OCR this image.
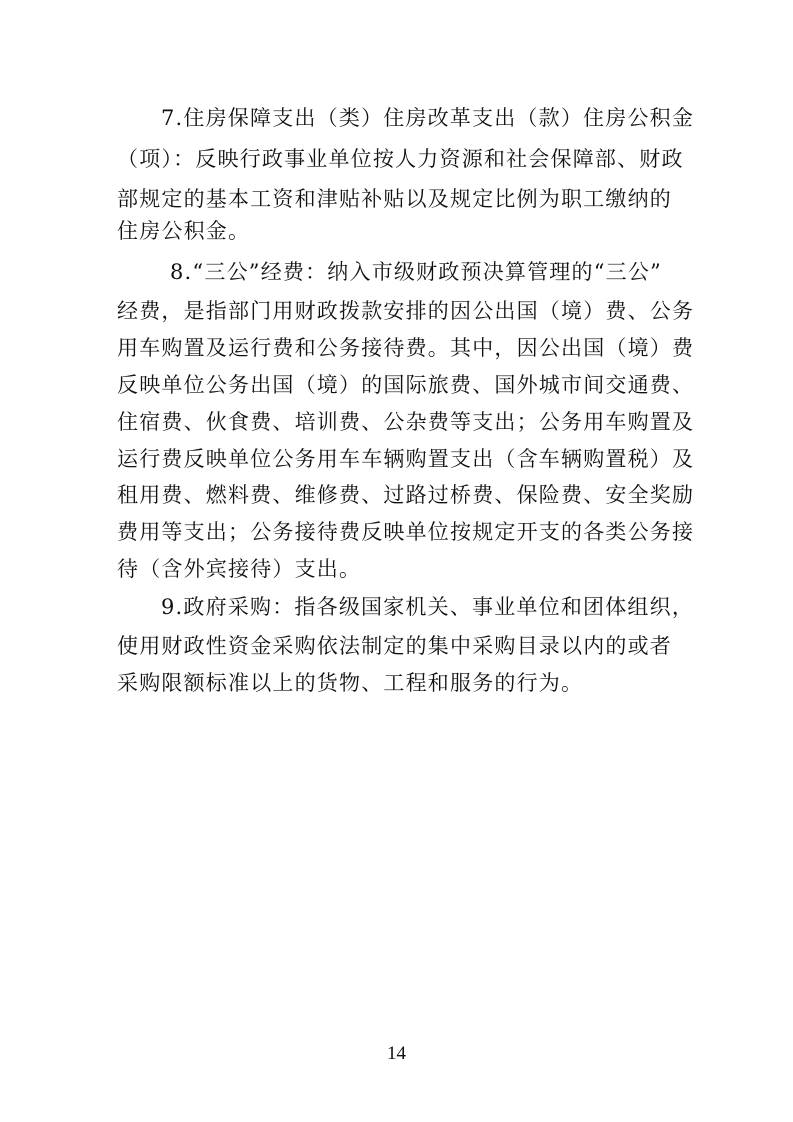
7.住房保障支出（类）住房改革支出（款）住房公积金
（项）：反映行政事业单位按人力资源和社会保障部、财政
部规定的基本工资和津贴补贴以及规定比例为职工缴纳的
住房公积金。
8.“三公”经费：纳入市级财政预决算管理的“三公”
经费，是指部门用财政拨款安排的因公出国（境）费、公务
用车购置及运行费和公务接待费。其中，因公出国（境）费
反映单位公务出国（境）的国际旅费、国外城市间交通费、
住宿费、伙食费、培训费、公杂费等支出；公务用车购置及
运行费反映单位公务用车车辆购置支出（含车辆购置税）及
租用费、燃料费、维修费、过路过桥费、保险费、安全奖励
费用等支出；公务接待费反映单位按规定开支的各类公务接
待（含外宾接待）支出。
9.政府采购：指各级国家机关、事业单位和团体组织，
使用财政性资金采购依法制定的集中采购目录以内的或者
采购限额标准以上的货物、工程和服务的行为。
14
